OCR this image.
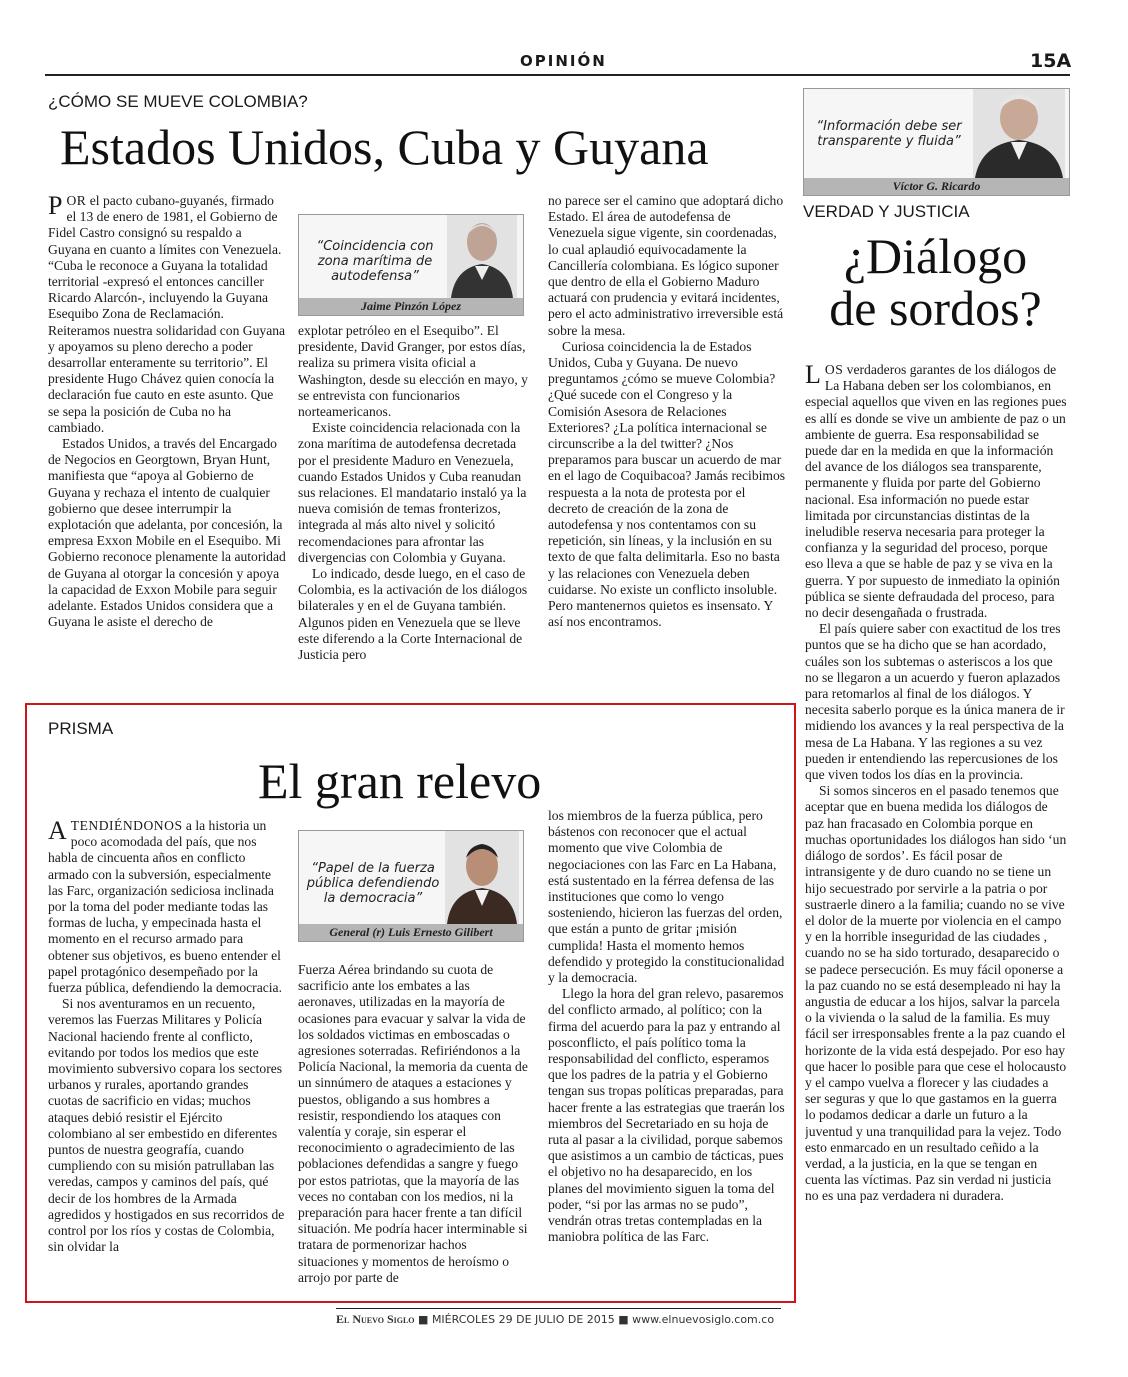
OPINIÓN	15A
¿CÓMO SE MUEVE COLOMBIA?
Estados Unidos, Cuba y Guyana

POR el pacto cubano-guyanés, firmado el 13 de enero de 1981, el Gobierno de Fidel Castro consignó su respaldo a Guyana en cuanto a límites con Venezuela. “Cuba le reconoce a Guyana la totalidad territorial -expresó el entonces canciller Ricardo Alarcón-, incluyendo la Guyana Esequibo Zona de Reclamación. Reiteramos nuestra solidaridad con Guyana y apoyamos su pleno derecho a poder desarrollar enteramente su territorio”. El presidente Hugo Chávez quien conocía la declaración fue cauto en este asunto. Que se sepa la posición de Cuba no ha cambiado.

Estados Unidos, a través del Encargado de Negocios en Georgtown, Bryan Hunt, manifiesta que “apoya al Gobierno de Guyana y rechaza el intento de cualquier gobierno que desee interrumpir la explotación que adelanta, por concesión, la empresa Exxon Mobile en el Esequibo. Mi Gobierno reconoce plenamente la autoridad de Guyana al otorgar la concesión y apoya la capacidad de Exxon Mobile para seguir adelante. Estados Unidos considera que a Guyana le asiste el derecho de

“Coincidencia con zona marítima de autodefensa”
Jaime Pinzón López

explotar petróleo en el Esequibo”. El presidente, David Granger, por estos días, realiza su primera visita oficial a Washington, desde su elección en mayo, y se entrevista con funcionarios norteamericanos.

Existe coincidencia relacionada con la zona marítima de autodefensa decretada por el presidente Maduro en Venezuela, cuando Estados Unidos y Cuba reanudan sus relaciones. El mandatario instaló ya la nueva comisión de temas fronterizos, integrada al más alto nivel y solicitó recomendaciones para afrontar las divergencias con Colombia y Guyana.

Lo indicado, desde luego, en el caso de Colombia, es la activación de los diálogos bilaterales y en el de Guyana también. Algunos piden en Venezuela que se lleve este diferendo a la Corte Internacional de Justicia pero

no parece ser el camino que adoptará dicho Estado. El área de autodefensa de Venezuela sigue vigente, sin coordenadas, lo cual aplaudió equivocadamente la Cancillería colombiana. Es lógico suponer que dentro de ella el Gobierno Maduro actuará con prudencia y evitará incidentes, pero el acto administrativo irreversible está sobre la mesa.

Curiosa coincidencia la de Estados Unidos, Cuba y Guyana. De nuevo preguntamos ¿cómo se mueve Colombia? ¿Qué sucede con el Congreso y la Comisión Asesora de Relaciones Exteriores? ¿La política internacional se circunscribe a la del twitter? ¿Nos preparamos para buscar un acuerdo de mar en el lago de Coquibacoa? Jamás recibimos respuesta a la nota de protesta por el decreto de creación de la zona de autodefensa y nos contentamos con su repetición, sin líneas, y la inclusión en su texto de que falta delimitarla. Eso no basta y las relaciones con Venezuela deben cuidarse. No existe un conflicto insoluble. Pero mantenernos quietos es insensato. Y así nos encontramos.

“Información debe ser transparente y fluida”
Víctor G. Ricardo
VERDAD Y JUSTICIA
¿Diálogo
de sordos?

LOS verdaderos garantes de los diálogos de La Habana deben ser los colombianos, en especial aquellos que viven en las regiones pues es allí es donde se vive un ambiente de paz o un ambiente de guerra. Esa responsabilidad se puede dar en la medida en que la información del avance de los diálogos sea transparente, permanente y fluida por parte del Gobierno nacional. Esa información no puede estar limitada por circunstancias distintas de la ineludible reserva necesaria para proteger la confianza y la seguridad del proceso, porque eso lleva a que se hable de paz y se viva en la guerra. Y por supuesto de inmediato la opinión pública se siente defraudada del proceso, para no decir desengañada o frustrada.

El país quiere saber con exactitud de los tres puntos que se ha dicho que se han acordado, cuáles son los subtemas o asteriscos a los que no se llegaron a un acuerdo y fueron aplazados para retomarlos al final de los diálogos. Y necesita saberlo porque es la única manera de ir midiendo los avances y la real perspectiva de la mesa de La Habana. Y las regiones a su vez pueden ir entendiendo las repercusiones de los que viven todos los días en la provincia.

Si somos sinceros en el pasado tenemos que aceptar que en buena medida los diálogos de paz han fracasado en Colombia porque en muchas oportunidades los diálogos han sido ‘un diálogo de sordos’. Es fácil posar de intransigente y de duro cuando no se tiene un hijo secuestrado por servirle a la patria o por sustraerle dinero a la familia; cuando no se vive el dolor de la muerte por violencia en el campo y en la horrible inseguridad de las ciudades , cuando no se ha sido torturado, desaparecido o se padece persecución. Es muy fácil oponerse a la paz cuando no se está desempleado ni hay la angustia de educar a los hijos, salvar la parcela o la vivienda o la salud de la familia. Es muy fácil ser irresponsables frente a la paz cuando el horizonte de la vida está despejado. Por eso hay que hacer lo posible para que cese el holocausto y el campo vuelva a florecer y las ciudades a ser seguras y que lo que gastamos en la guerra lo podamos dedicar a darle un futuro a la juventud y una tranquilidad para la vejez. Todo esto enmarcado en un resultado ceñido a la verdad, a la justicia, en la que se tengan en cuenta las víctimas. Paz sin verdad ni justicia no es una paz verdadera ni duradera.

PRISMA
El gran relevo

ATENDIÉNDONOS a la historia un poco acomodada del país, que nos habla de cincuenta años en conflicto armado con la subversión, especialmente las Farc, organización sediciosa inclinada por la toma del poder mediante todas las formas de lucha, y empecinada hasta el momento en el recurso armado para obtener sus objetivos, es bueno entender el papel protagónico desempeñado por la fuerza pública, defendiendo la democracia.

Si nos aventuramos en un recuento, veremos las Fuerzas Militares y Policía Nacional haciendo frente al conflicto, evitando por todos los medios que este movimiento subversivo copara los sectores urbanos y rurales, aportando grandes cuotas de sacrificio en vidas; muchos ataques debió resistir el Ejército colombiano al ser embestido en diferentes puntos de nuestra geografía, cuando cumpliendo con su misión patrullaban las veredas, campos y caminos del país, qué decir de los hombres de la Armada agredidos y hostigados en sus recorridos de control por los ríos y costas de Colombia, sin olvidar la

“Papel de la fuerza pública defendiendo la democracia”
General (r) Luis Ernesto Gilibert

Fuerza Aérea brindando su cuota de sacrificio ante los embates a las aeronaves, utilizadas en la mayoría de ocasiones para evacuar y salvar la vida de los soldados victimas en emboscadas o agresiones soterradas. Refiriéndonos a la Policía Nacional, la memoria da cuenta de un sinnúmero de ataques a estaciones y puestos, obligando a sus hombres a resistir, respondiendo los ataques con valentía y coraje, sin esperar el reconocimiento o agradecimiento de las poblaciones defendidas a sangre y fuego por estos patriotas, que la mayoría de las veces no contaban con los medios, ni la preparación para hacer frente a tan difícil situación. Me podría hacer interminable si tratara de pormenorizar hachos situaciones y momentos de heroísmo o arrojo por parte de

los miembros de la fuerza pública, pero bástenos con reconocer que el actual momento que vive Colombia de negociaciones con las Farc en La Habana, está sustentado en la férrea defensa de las instituciones que como lo vengo sosteniendo, hicieron las fuerzas del orden, que están a punto de gritar ¡misión cumplida! Hasta el momento hemos defendido y protegido la constitucionalidad y la democracia.

Llego la hora del gran relevo, pasaremos del conflicto armado, al político; con la firma del acuerdo para la paz y entrando al posconflicto, el país político toma la responsabilidad del conflicto, esperamos que los padres de la patria y el Gobierno tengan sus tropas políticas preparadas, para hacer frente a las estrategias que traerán los miembros del Secretariado en su hoja de ruta al pasar a la civilidad, porque sabemos que asistimos a un cambio de tácticas, pues el objetivo no ha desaparecido, en los planes del movimiento siguen la toma del poder, “si por las armas no se pudo”, vendrán otras tretas contempladas en la maniobra política de las Farc.

El Nuevo Siglo ■ MIÉRCOLES 29 DE JULIO DE 2015 ■ www.elnuevosiglo.com.co
